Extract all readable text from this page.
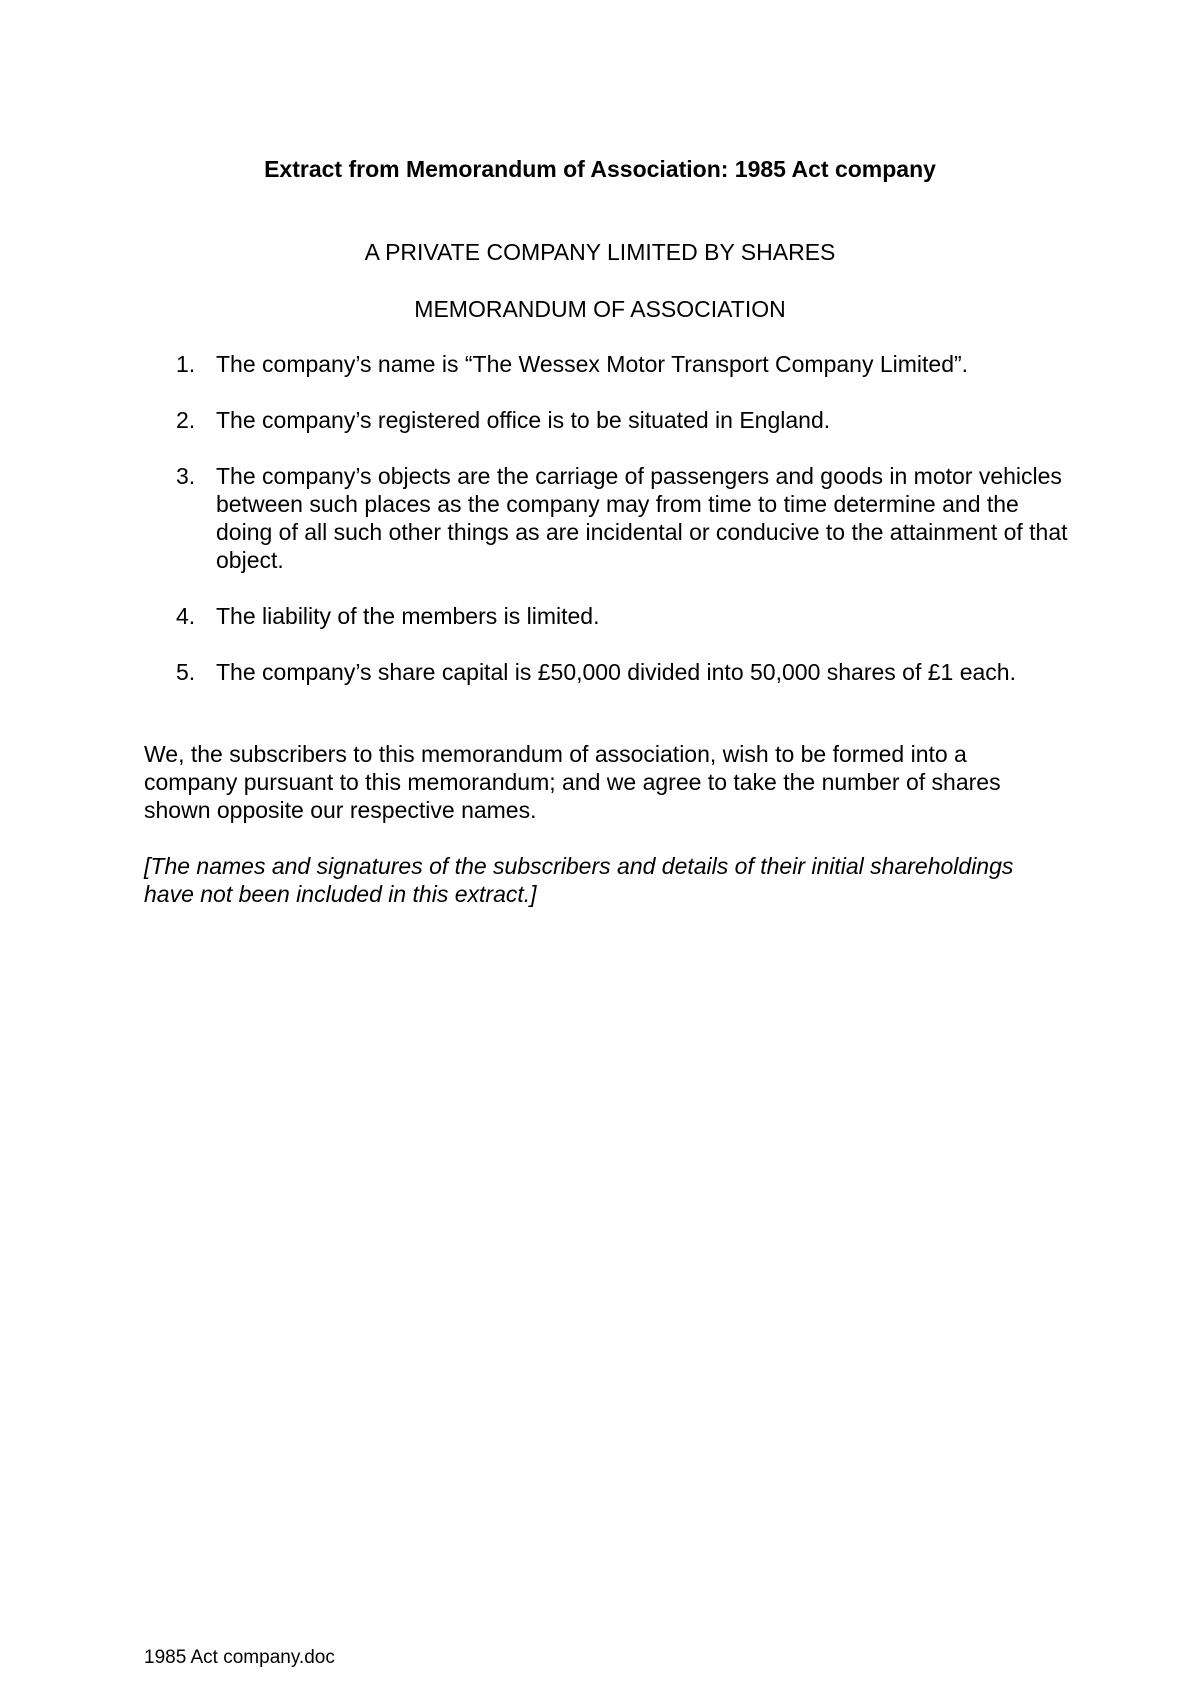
Extract from Memorandum of Association: 1985 Act company
A PRIVATE COMPANY LIMITED BY SHARES
MEMORANDUM OF ASSOCIATION
1. The company’s name is “The Wessex Motor Transport Company Limited”.
2. The company’s registered office is to be situated in England.
3. The company’s objects are the carriage of passengers and goods in motor vehicles between such places as the company may from time to time determine and the doing of all such other things as are incidental or conducive to the attainment of that object.
4. The liability of the members is limited.
5. The company’s share capital is £50,000 divided into 50,000 shares of £1 each.

We, the subscribers to this memorandum of association, wish to be formed into a company pursuant to this memorandum; and we agree to take the number of shares shown opposite our respective names.

[The names and signatures of the subscribers and details of their initial shareholdings have not been included in this extract.]

1985 Act company.doc
